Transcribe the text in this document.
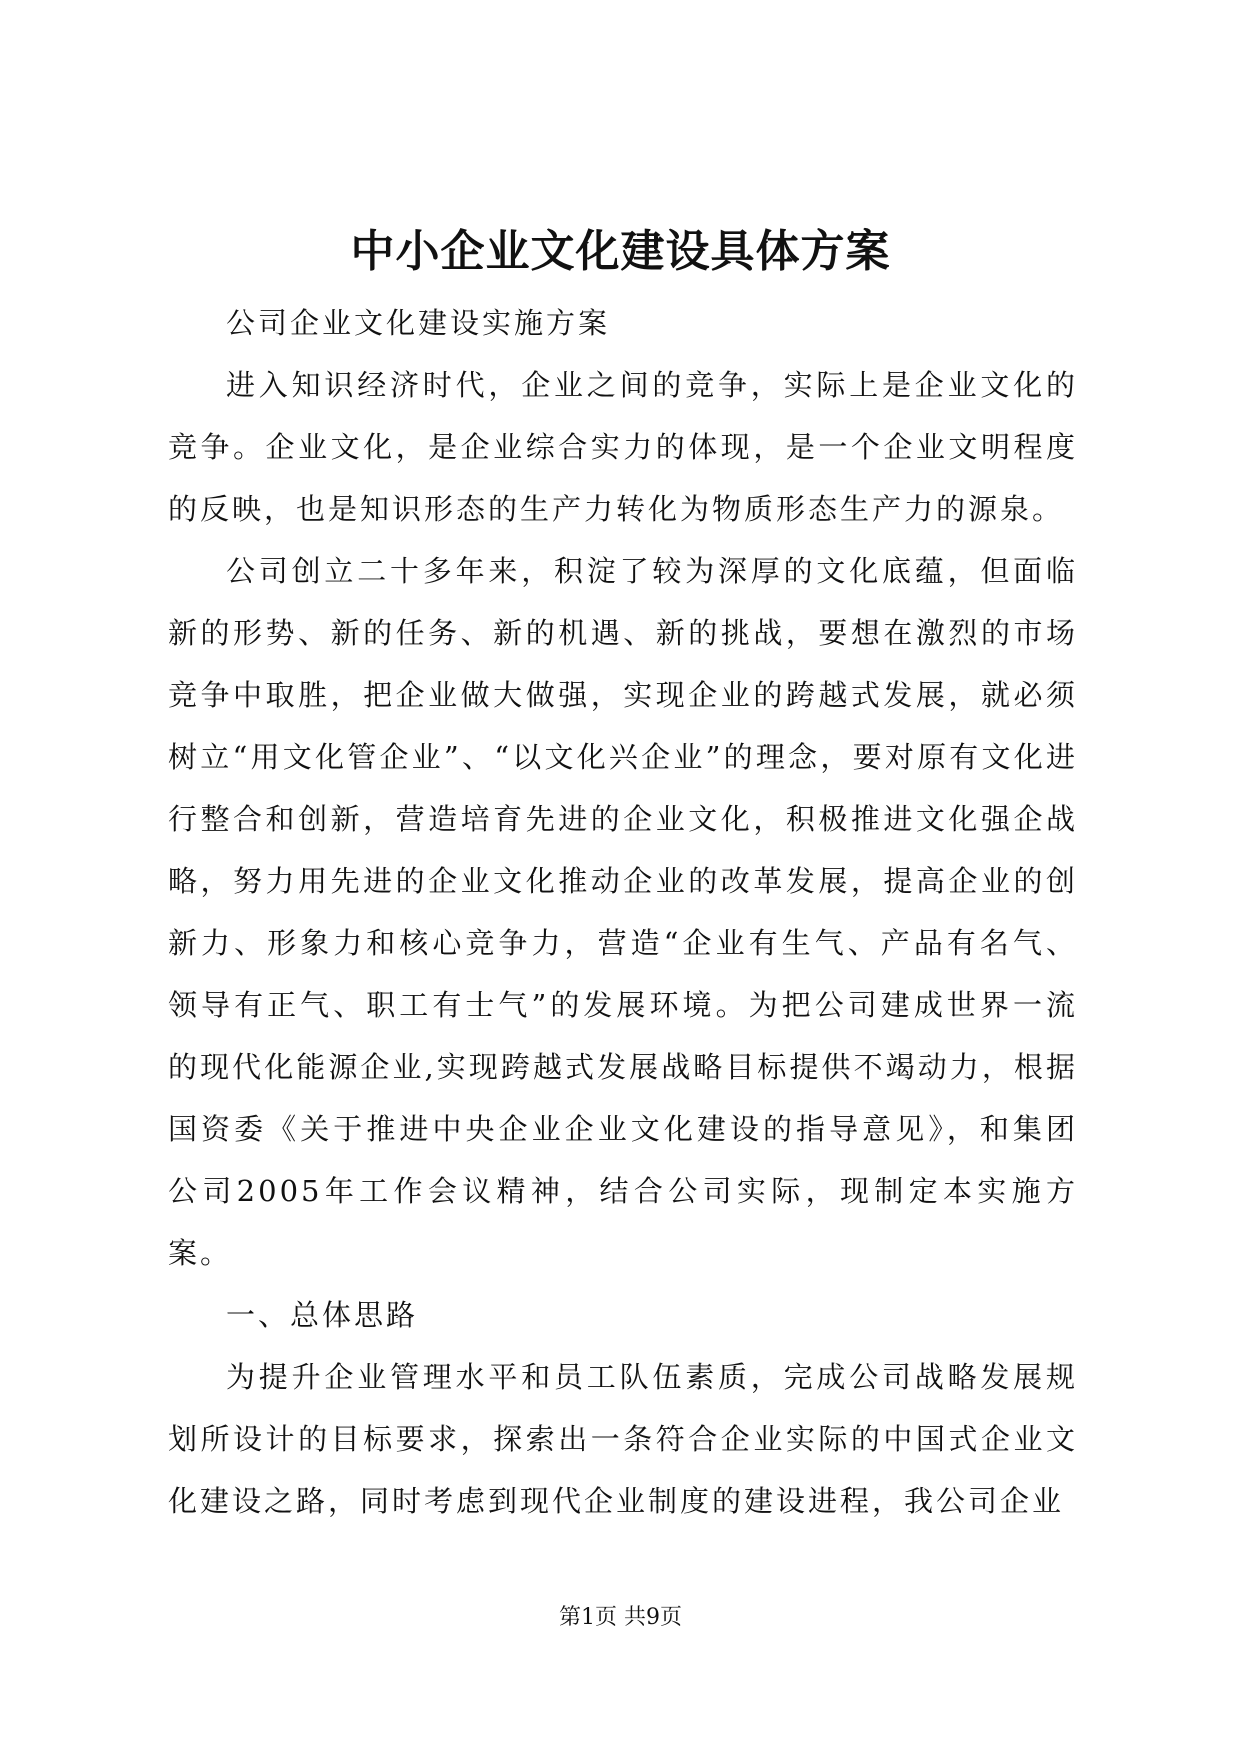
中小企业文化建设具体方案

公司企业文化建设实施方案

进入知识经济时代，企业之间的竞争，实际上是企业文化的竞争。企业文化，是企业综合实力的体现，是一个企业文明程度的反映，也是知识形态的生产力转化为物质形态生产力的源泉。

公司创立二十多年来，积淀了较为深厚的文化底蕴，但面临新的形势、新的任务、新的机遇、新的挑战，要想在激烈的市场竞争中取胜，把企业做大做强，实现企业的跨越式发展，就必须树立“用文化管企业”、“以文化兴企业”的理念，要对原有文化进行整合和创新，营造培育先进的企业文化，积极推进文化强企战略，努力用先进的企业文化推动企业的改革发展，提高企业的创新力、形象力和核心竞争力，营造“企业有生气、产品有名气、领导有正气、职工有士气”的发展环境。为把公司建成世界一流的现代化能源企业,实现跨越式发展战略目标提供不竭动力，根据国资委《关于推进中央企业企业文化建设的指导意见》，和集团公司2005年工作会议精神，结合公司实际，现制定本实施方案。

一、总体思路

为提升企业管理水平和员工队伍素质，完成公司战略发展规划所设计的目标要求，探索出一条符合企业实际的中国式企业文化建设之路，同时考虑到现代企业制度的建设进程，我公司企业

第1页 共9页
